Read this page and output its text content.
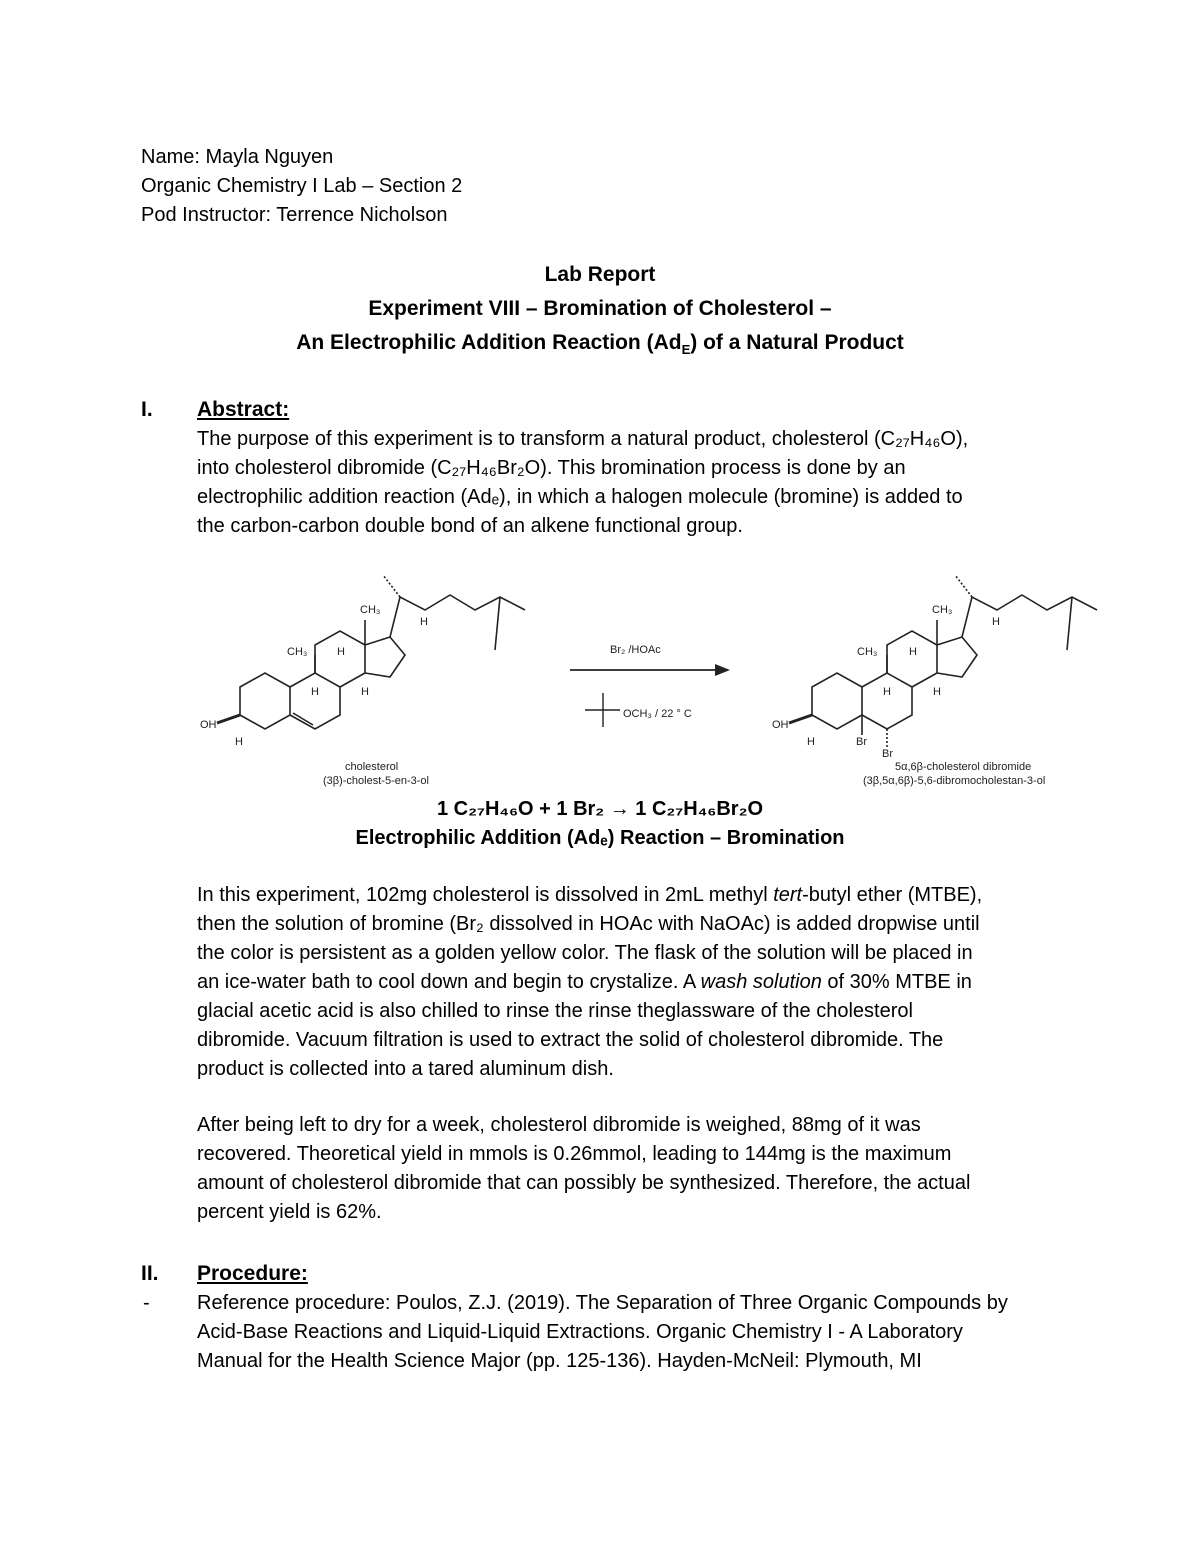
Name: Mayla Nguyen
Organic Chemistry I Lab – Section 2
Pod Instructor: Terrence Nicholson
Lab Report
Experiment VIII – Bromination of Cholesterol –
An Electrophilic Addition Reaction $(Ad_E)$ of a Natural Product
I. Abstract:
The purpose of this experiment is to transform a natural product, cholesterol (C₂₇H₄₆O),
into cholesterol dibromide (C₂₇H₄₆Br₂O). This bromination process is done by an
electrophilic addition reaction (Adₑ), in which a halogen molecule (bromine) is added to
the carbon-carbon double bond of an alkene functional group.
Br₂ /HOAc
OCH₃ / 22 ° C
CH₃
CH₃	H
H
H	H
OH
H
cholesterol
(3β)-cholest-5-en-3-ol
CH₃
CH₃	H
H
H	H
OH
H	Br
Br
5α,6β-cholesterol dibromide
(3β,5α,6β)-5,6-dibromocholestan-3-ol
1 C₂₇H₄₆O + 1 Br₂ → 1 C₂₇H₄₆Br₂O
Electrophilic Addition (Adₑ) Reaction – Bromination
In this experiment, 102mg cholesterol is dissolved in 2mL methyl tert-butyl ether (MTBE),
then the solution of bromine (Br₂ dissolved in HOAc with NaOAc) is added dropwise until
the color is persistent as a golden yellow color. The flask of the solution will be placed in
an ice-water bath to cool down and begin to crystalize. A wash solution of 30% MTBE in
glacial acetic acid is also chilled to rinse the rinse theglassware of the cholesterol
dibromide. Vacuum filtration is used to extract the solid of cholesterol dibromide. The
product is collected into a tared aluminum dish.
After being left to dry for a week, cholesterol dibromide is weighed, 88mg of it was
recovered. Theoretical yield in mmols is 0.26mmol, leading to 144mg is the maximum
amount of cholesterol dibromide that can possibly be synthesized. Therefore, the actual
percent yield is 62%.
II. Procedure:
- Reference procedure: Poulos, Z.J. (2019). The Separation of Three Organic Compounds by
Acid-Base Reactions and Liquid-Liquid Extractions. Organic Chemistry I - A Laboratory
Manual for the Health Science Major (pp. 125-136). Hayden-McNeil: Plymouth, MI
